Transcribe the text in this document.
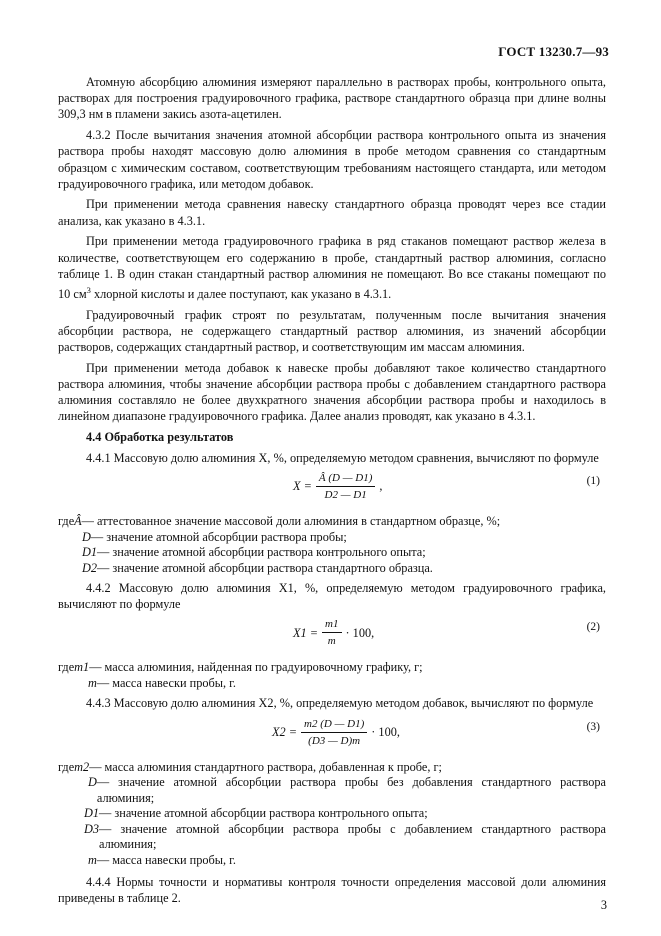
ГОСТ 13230.7—93

Атомную абсорбцию алюминия измеряют параллельно в растворах пробы, контрольного опыта, растворах для построения градуировочного графика, растворе стандартного образца при длине волны 309,3 нм в пламени закись азота-ацетилен.

4.3.2 После вычитания значения атомной абсорбции раствора контрольного опыта из значения раствора пробы находят массовую долю алюминия в пробе методом сравнения со стандартным образцом с химическим составом, соответствующим требованиям настоящего стандарта, или методом градуировочного графика, или методом добавок.

При применении метода сравнения навеску стандартного образца проводят через все стадии анализа, как указано в 4.3.1.

При применении метода градуировочного графика в ряд стаканов помещают раствор железа в количестве, соответствующем его содержанию в пробе, стандартный раствор алюминия, согласно таблице 1. В один стакан стандартный раствор алюминия не помещают. Во все стаканы помещают по 10 $см^3$ хлорной кислоты и далее поступают, как указано в 4.3.1.

Градуировочный график строят по результатам, полученным после вычитания значения абсорбции раствора, не содержащего стандартный раствор алюминия, из значений абсорбции растворов, содержащих стандартный раствор, и соответствующим им массам алюминия.

При применении метода добавок к навеске пробы добавляют такое количество стандартного раствора алюминия, чтобы значение абсорбции раствора пробы с добавлением стандартного раствора алюминия составляло не более двухкратного значения абсорбции раствора пробы и находилось в линейном диапазоне градуировочного графика. Далее анализ проводят, как указано в 4.3.1.

4.4 Обработка результатов

4.4.1 Массовую долю алюминия X, %, определяемую методом сравнения, вычисляют по формуле

$X = \frac{Â (D — D1)}{D2 — D1}$ ,	(1)
где Â — аттестованное значение массовой доли алюминия в стандартном образце, %;
D — значение атомной абсорбции раствора пробы;
D1 — значение атомной абсорбции раствора контрольного опыта;
D2 — значение атомной абсорбции раствора стандартного образца.

4.4.2 Массовую долю алюминия X1, %, определяемую методом градуировочного графика, вычисляют по формуле

$X1 = \frac{m1}{m} \cdot 100$,	(2)
где m1 — масса алюминия, найденная по градуировочному графику, г;
m — масса навески пробы, г.

4.4.3 Массовую долю алюминия X2, %, определяемую методом добавок, вычисляют по формуле

$X2 = \frac{m2 (D — D1)}{(D3 — D)m} \cdot 100$,	(3)
где m2 — масса алюминия стандартного раствора, добавленная к пробе, г;
D — значение атомной абсорбции раствора пробы без добавления стандартного раствора алюминия;
D1 — значение атомной абсорбции раствора контрольного опыта;
D3 — значение атомной абсорбции раствора пробы с добавлением стандартного раствора алюминия;
m — масса навески пробы, г.

4.4.4 Нормы точности и нормативы контроля точности определения массовой доли алюминия приведены в таблице 2.	3
